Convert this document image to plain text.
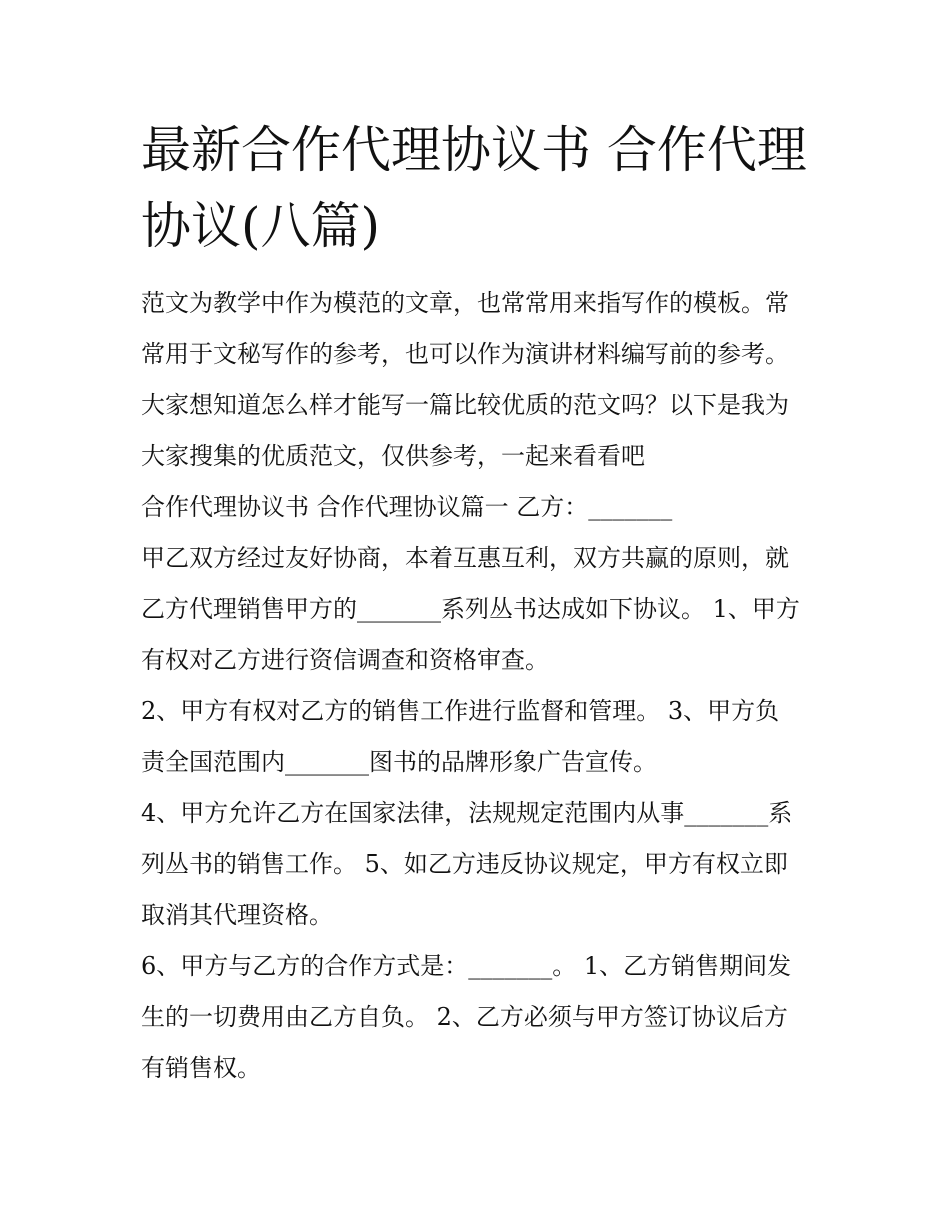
最新合作代理协议书 合作代理
协议(八篇)

范文为教学中作为模范的文章，也常常用来指写作的模板。常
常用于文秘写作的参考，也可以作为演讲材料编写前的参考。
大家想知道怎么样才能写一篇比较优质的范文吗？以下是我为
大家搜集的优质范文，仅供参考，一起来看看吧

合作代理协议书 合作代理协议篇一 乙方：_______

甲乙双方经过友好协商，本着互惠互利，双方共赢的原则，就
乙方代理销售甲方的_______系列丛书达成如下协议。 1、甲方
有权对乙方进行资信调查和资格审查。

2、甲方有权对乙方的销售工作进行监督和管理。 3、甲方负
责全国范围内_______图书的品牌形象广告宣传。

4、甲方允许乙方在国家法律，法规规定范围内从事_______系
列丛书的销售工作。 5、如乙方违反协议规定，甲方有权立即
取消其代理资格。

6、甲方与乙方的合作方式是：_______。 1、乙方销售期间发
生的一切费用由乙方自负。 2、乙方必须与甲方签订协议后方
有销售权。
